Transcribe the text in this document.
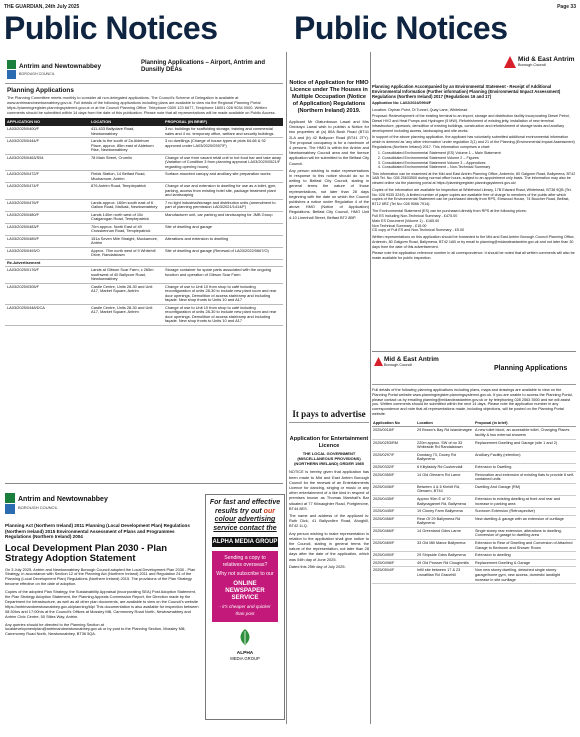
THE GUARDIAN, 24th July 2025	Page 33
Public Notices Public Notices
Antrim and Newtownabbey
BOROUGH COUNCIL
Planning Applications – Airport, Antrim and Dunsilly DEAs
Planning Applications
The Planning Committee meets monthly to consider all non-delegated applications. The Council's Scheme of Delegation is available at www.antrimandnewtownabbey.gov.uk. Full details of the following applications including plans are available to view via the Regional Planning Portal https://planningregister.planningsystemni.gov.uk or at the Council Planning Office. Telephone 0300 123 6677, Textphone 18001 028 9034 0000. Written comments should be submitted within 14 days from the date of this publication. Please note that all representations will be made available on Public Access.
APPLICATION NO	LOCATION	PROPOSAL (IN BRIEF)
LA03/2025/0400/F	411-433 Ballyclare Road, Newtownabbey	3 no. buildings for scaffolding storage, training and commercial sales and 4 no. temporary office, welfare and security buildings
LA03/2025/0444/F	Lands to the south of 2a Aldeburn Place, approx. 85m east of Aldeburn Rise, Newtownabbey	3 no dwellings (Change of house types at plots 64-66 & 92 approved under LA03/2020/0397/F)
LA03/2025/0463/S54	78 Main Street, Crumlin	Change of use from vacant retail unit to hot food bar and take away (Variation of Condition 3 from planning approval LA03/2020/0521/F regarding opening hours)
LA03/2025/0472/F	Fields Station, 14 Belfast Road, Muckamore, Antrim	Surface-mounted canopy and ancillary site preparation works
LA03/2025/0474/F	876 Antrim Road, Templepatrick	Change of use and extension to dwelling for use as a toilet, gym, parking, access from existing hotel site, package treatment plant and landscaping
LA03/2025/0476/F	Lands approx. 160m south east of 6 Gallow Road, Mallusk, Newtownabbey	7 no light industrial/storage and distribution units (amendment to part of planning permission LA03/2021/1414/F)
LA03/2025/0480/F	Lands 140m north west of 10c Craigarogan Road, Templepatrick	Manufacturer unit, car parking and landscaping for JMB Group
LA03/2025/0483/F	70m approx. North East of 49 Crosskennan Road, Templepatrick	Site of dwelling and garage
LA03/2025/0489/F	151a Seven Mile Straight, Muckamore, Antrim	Alterations and extension to dwelling
LA03/2025/0493/O	Approx. 75m north west of 9 Whitehill Drive, Randalstown	Site of dwelling and garage (Renewal of LA03/2022/0667/O)
Re-Advertisement		
LA03/2025/0176/F	Lands at Gibson Scar Farm, c 265m southwest of 40 Ballycorr Road, Newtownabbey	Storage container for spare parts associated with the ongoing function and operation of Gibson Scar Farm
LA03/2025/0305/F	Castle Centre, Units 28-30 and Unit A17, Market Square, Antrim	Change of use to Unit 10 from shop to café including reconfiguration of units 28-30 to include new plant room and rear door openings. Demolition of access stair/ramp and including façade. New shop fronts to Units 10 and A17
LA03/2025/0448/DCA	Castle Centre, Units 28-30 and Unit A17, Market Square, Antrim	Change of use to Unit 10 from shop to café including reconfiguration of units 28-30 to include new plant room and rear door openings. Demolition of access stair/ramp and including façade. New shop fronts to Units 10 and A17
Antrim and Newtownabbey
BOROUGH COUNCIL
Planning Act (Northern Ireland) 2011 Planning (Local Development Plan) Regulations (Northern Ireland) 2015 Environmental Assessment of Plans and Programmes Regulations (Northern Ireland) 2004
Local Development Plan 2030 - Plan Strategy Adoption Statement
On 3 July 2025, Antrim and Newtownabbey Borough Council adopted the Local Development Plan 2030 - Plan Strategy, in accordance with Section 12 of the Planning Act (Northern Ireland) 2011 and Regulation 24 of the Planning (Local Development Plan) Regulations (Northern Ireland) 2015. The provisions of the Plan Strategy become effective on the date of adoption.
Copies of the adopted Plan Strategy, the Sustainability Appraisal (incorporating SEA) Post Adoption Statement, the Plan Strategy Adoption Statement, the Planning Appeals Commission Report, the Direction made by the Department for Infrastructure, as well as all other plan documents, are available to view on the Council's website https://antrimandnewtownabbey.gov.uk/planning/ldp/ This documentation is also available for inspection between 08:30hrs and 17:00hrs at the Council's Offices at Mossley Mill, Carnmoney Road North, Newtownabbey and Antrim Civic Centre, 50 Stiles Way, Antrim.
Any queries should be directed to the Planning Section at localdevelopmentplan@antrimandnewtownabbey.gov.uk or by post to the Planning Section, Mossley Mill, Carnmoney Road North, Newtownabbey, BT36 5QA.
For fast and effective results try out our colour advertising service contact the
ALPHA MEDIA GROUP
Sending a copy to relatives overseas?
Why not subscribe to our
ONLINE NEWSPAPER SERVICE
- it's cheaper and quicker than post
ALPHA
MEDIA GROUP
Notice of Application for HMO Licence under The Houses in Multiple Occupation (Notice of Application) Regulations (Northern Ireland) 2019.

Applicant Mr Olatunbosun Lawal and Mrs Omotayo Lawal wish to publish a Notice for two properties at (a) 80A Bush Road (BT41 2LA and (b) 42 Ballycorr Road (BT41 2TY). The proposal occupancy is for a maximum of 4 persons. The HMO is within the Antrim and Newtownabbey Council area and the licence application will be submitted to the Belfast City Council.

Any person wishing to make representations in response to this notice should do so in writing to Belfast City Council, stating in general terms the nature of those representations, not later than 28 days beginning with the date on which the Council publishes a notice under Regulation 4 of the above HMO (Notice of Application) Regulations. Belfast City Council, HMO Unit 4-10 Linenhall Street, Belfast BT2 8BP.

It pays to advertise
Application for Entertainment Licence
THE LOCAL GOVERNMENT (MISCELLANEOUS PROVISIONS) (NORTHERN IRELAND) ORDER 1985

NOTICE is hereby given that application has been made to Mid and East Antrim Borough Council for the renewal of an Entertainments Licence for dancing, singing or music or any other entertainment of a like kind in respect of premises known as Thomas Marshall's Bar situated at 77 Kilwaughter Road, Portglenone, BT44 8ES.

The name and address of the applicant is: Ruth Dick, 41 Ballyvollen Road, Ahoghill, BT42 1LQ.

Any person wishing to make representation in relation to the application shall give notice to the Council, stating in general terms the nature of the representation, not later than 28 days after the date of the application, which was 04th day of June 2025.

Dated this 25th day of July 2025.

Mid & East Antrim
Borough Council
Planning Application Accompanied by an Environmental Statement - Receipt of Additional Environmental Information (Further information) Planning (Environmental Impact Assessment) Regulations (Northern Ireland) 2017 (Regulations 16 and 17)
Application No: LA02/2024/0994/F
Location: Orphan Point, Ol Tunnel, Quay Lane, Whitehead
Proposal: Redevelopment of the existing terminal to an import, storage and distribution facility incorporating Diesel Petrol, Diesel HVO and Heat Pumps and Hydrogen (5 MW). Refurbishment of existing jetty, installation of new terminal infrastructure, pipework, demolition of existing buildings, construction and refurbishment of storage tanks and ancillary development including access, landscaping and site works.
In support of the above planning application, the applicant has voluntarily submitted additional environmental information which is deemed as 'any other information' under regulation 2(1) and 21 of the Planning (Environmental Impact Assessment) Regulations (Northern Ireland) 2017. This information comprises a chart:
1. Consolidated Environmental Statement (ES) Volume 1 – Main Statement
2. Consolidated Environmental Statement Volume 2 – Figures
3. Consolidated Environmental Statement Volume 3 – Appendices
4. Consolidated Environmental Statement – Non-Technical Summary
This information can be examined at the Mid and East Antrim Planning Office, Ardeevin, 80 Galgorm Road, Ballymena, BT42 1AB Tel. No: 028 25633500 during normal office hours, subject to an appointment only basis. The information may also be viewed online via the planning portal at https://planningregister.planningsystemni.gov.uk/
Copies of the information are available for inspection at Whitehead Library, 17B Edward Road, Whitehead, BT38 9QB (Tel. No: 028 9335 3249). A limited number of paper copies are available free of charge to members of the public after which copies of the Environmental Statement can be purchased directly from RPS, Elmwood House, 74 Boucher Road, Belfast, BT12 6RZ (Tel No: 028 9066 7914).
The Environmental Statement (ES) can be purchased directly from RPS at the following prices:
Full ES including Non-Technical Summary - £475.00
Main ES Document (Volume 1) - £165.00
Non Technical Summary - £15.00
CD copy of Full ES and Non-Technical Summary - £5.00
Written representations on this application should be forwarded to the Mid and East Antrim Borough Council Planning Office, Ardeevin, 80 Galgorm Road, Ballymena, BT42 1AB or by email to planning@midandeastantrim.gov.uk and not later than 30 days from the date of this advertisement.
Please note the application reference number in all correspondence. It should be noted that all written comments will also be made available for public inspection.
Mid & East Antrim
Borough Council	Planning Applications
Full details of the following planning applications including plans, maps and drawings are available to view on the Planning Portal website www.planningregister.planningsystemni.gov.uk. If you are unable to access the Planning Portal, please contact us by emailing planning@midandeastantrim.gov.uk or by telephoning 028 2563 3500 and we will assist you. Written comments should be submitted within the next 14 days. Please note the application number in any correspondence and note that all representations made, including objections, will be posted on the Planning Portal website.
Application No	Location	Proposal (in brief)
2025/0018/F	29 Brown's Bay Rd Islandmagee	A new toilet block, an accessible toilet, Changing Places facility & two external showers
2025/0253/RM	220m approx. SW of no 33 Whiteside Rd Randalstown	Replacement Dwelling and Garage (site 1 and 2)
2025/0297/F	Dundarg 73, Dooey Rd Ballymena	Ancillary Facility (retention)
2025/0332/F	6 Killyfaddy Rd Cushendall	Extension to Dwelling
2025/0355/F	14 Old Glenarm Rd Larne	Renovation and extension of existing flats to provide 6 self-contained units
2025/0406/F	Between 4 & 6 Kinhilt Rd, Glenarm, BT44	Dwelling And Garage (RM)
2025/0435/F	Approx 90m E of 70 Ballynagarnet Rd, Ballymena	Extension to existing dwelling at front and rear and increase in parking area
2025/0445/F	19 Cloney Farm Ballymena	Sunroom Extension (Retrospective)
2025/0456/F	Rear Of 29 Ballymena Rd Ballymena	New dwelling & garage with an extension of curtilage
2025/0466/F	14 Greenland Gdns Larne	Single storey rear extension, alterations to dwelling, Conversion of garage to dwelling area
2025/0469/F	33 Old Mill Manor Ballymena	Extension to Rear of Dwelling and Conversion of Attached Garage to Bedroom and Shower Room
2025/0490/F	29 Shipside Gdns Ballymena	Extension to dwelling
2025/0498/F	49 Old Prosser Rd Cloughmills	Replacement Dwelling & Garage
2025/0504/F	Infill site between 17 & 23 Lisnafillan Rd Gracehill	Non new storey dwelling, detached single storey garage/home gym, new access, domestic landlight increase in site curtilage
